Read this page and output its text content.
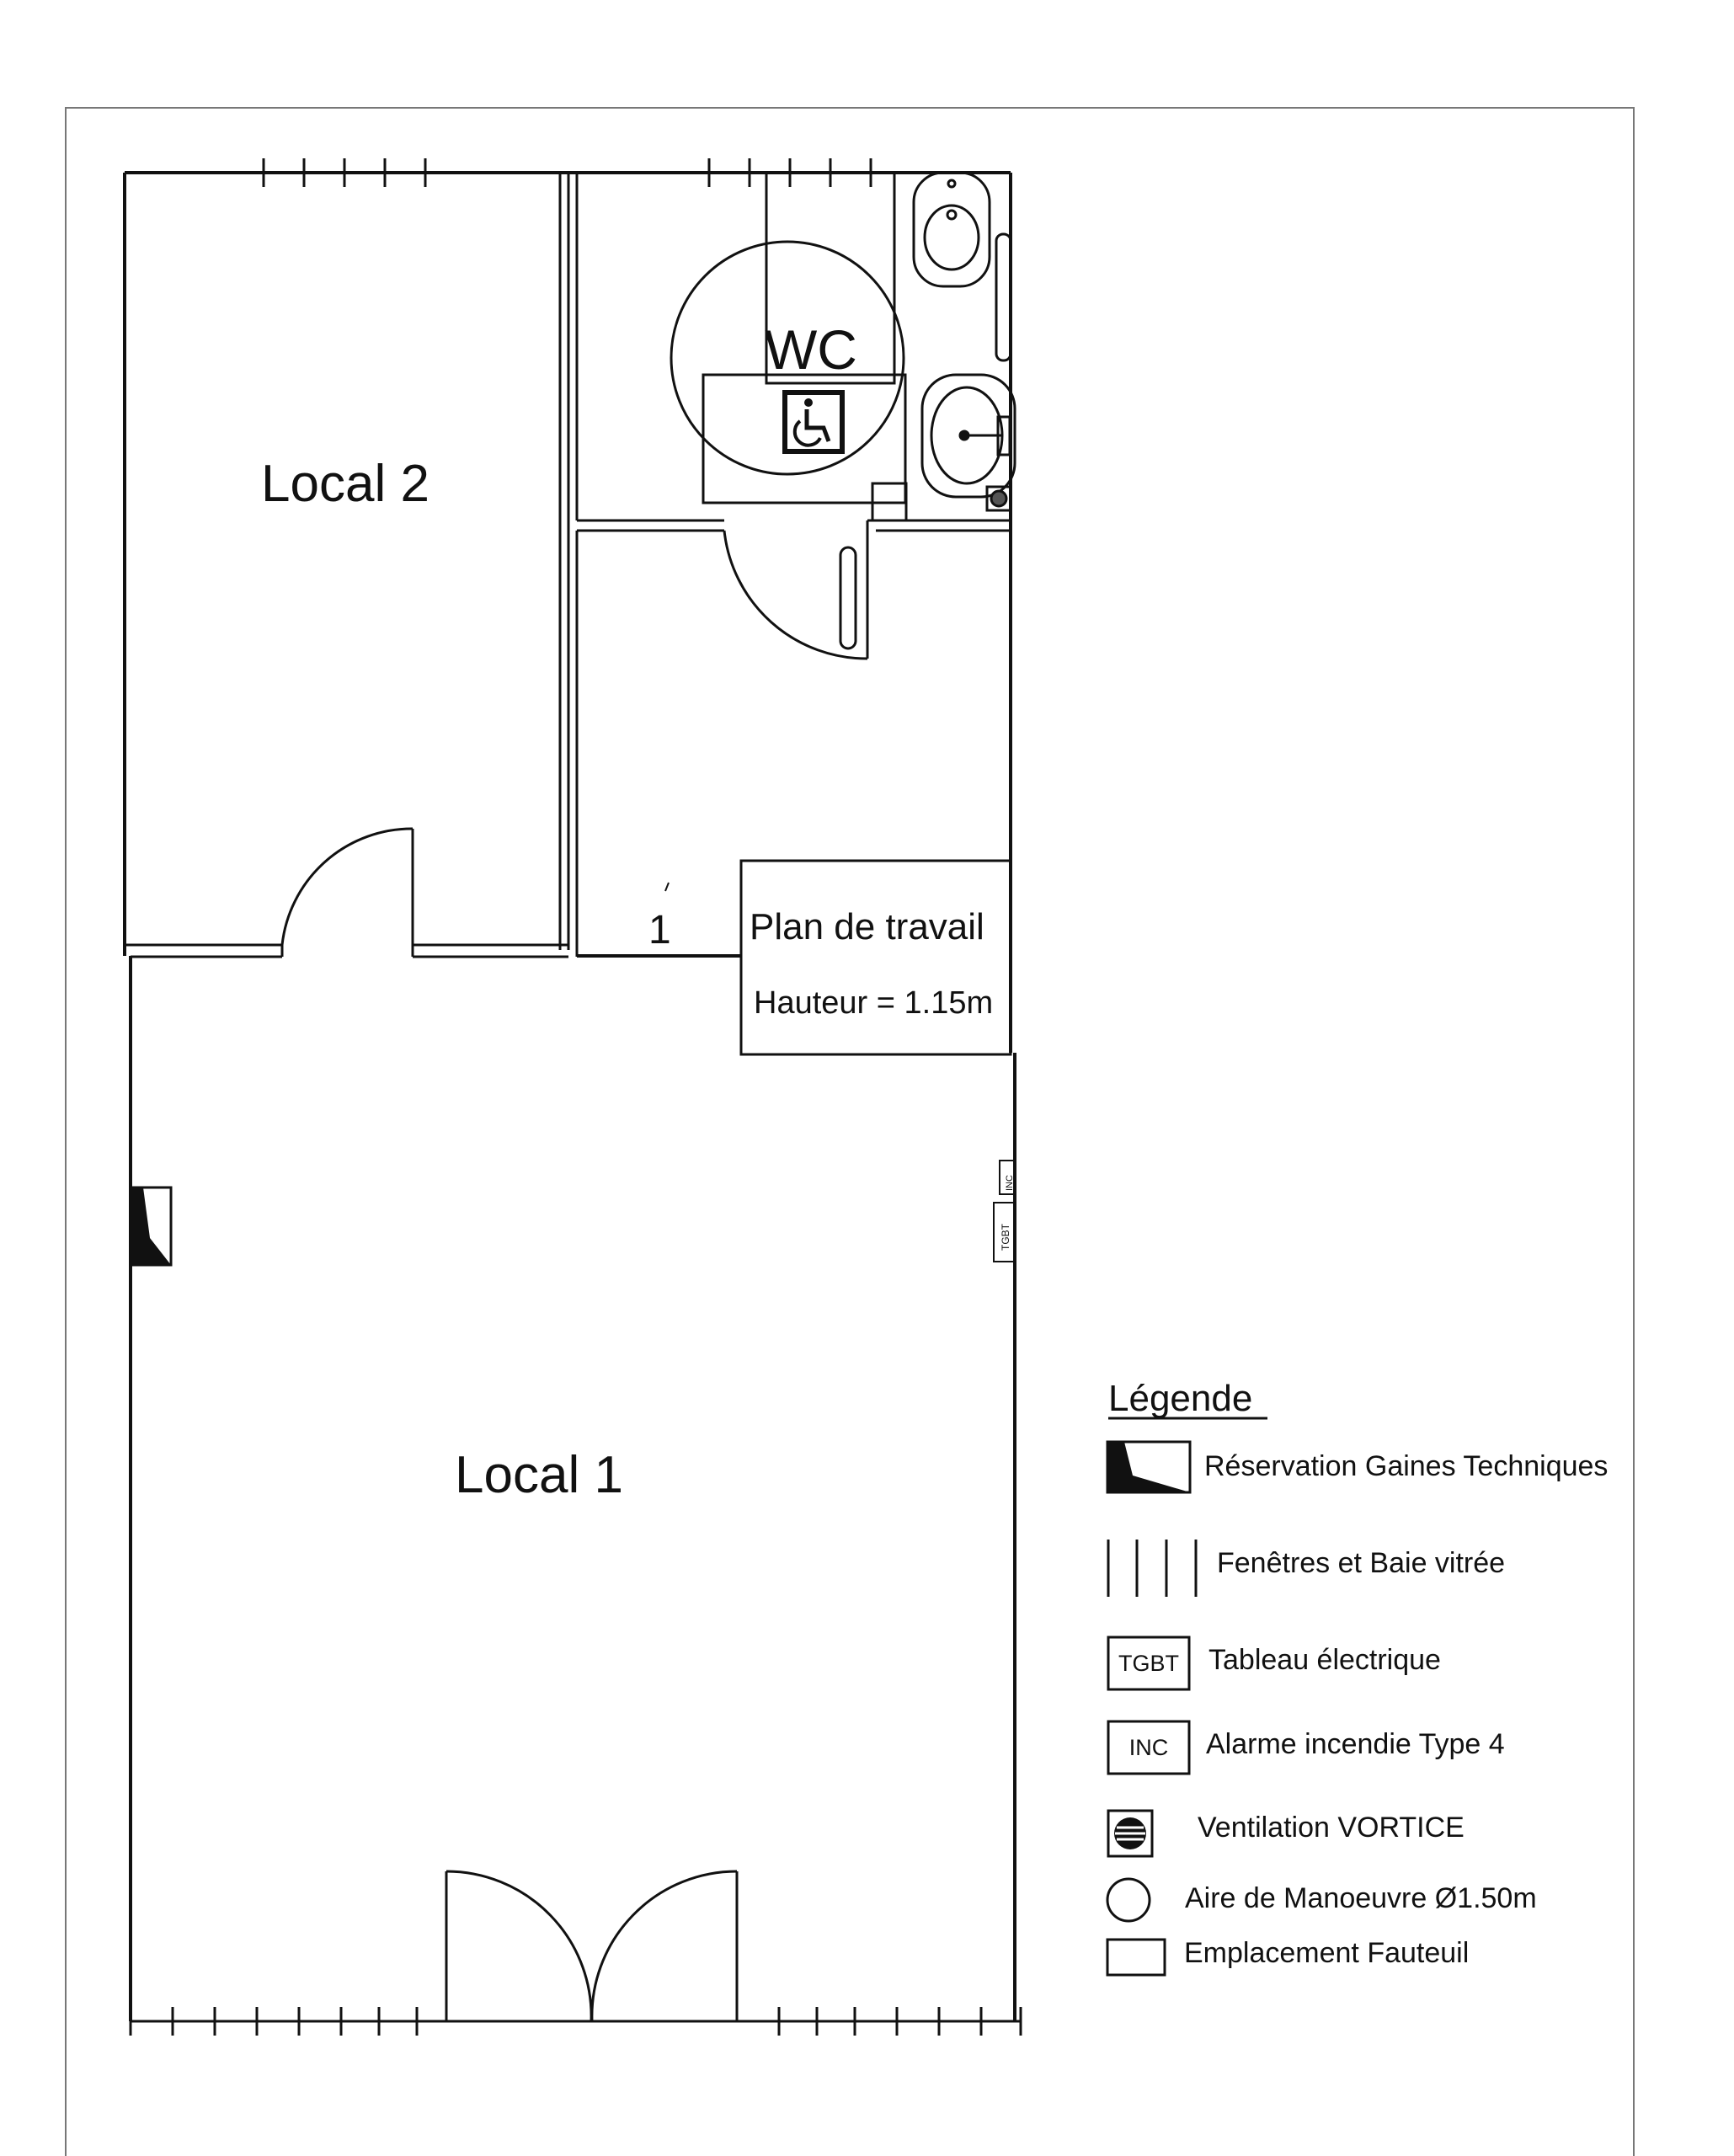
Local 2
Local 1
WC
1 Plan de travail
Hauteur = 1.15m
INC
TGBT
Légende
Réservation Gaines Techniques
Fenêtres et Baie vitrée
TGBT Tableau électrique
INC Alarme incendie Type 4
Ventilation VORTICE
Aire de Manoeuvre Ø1.50m
Emplacement Fauteuil
